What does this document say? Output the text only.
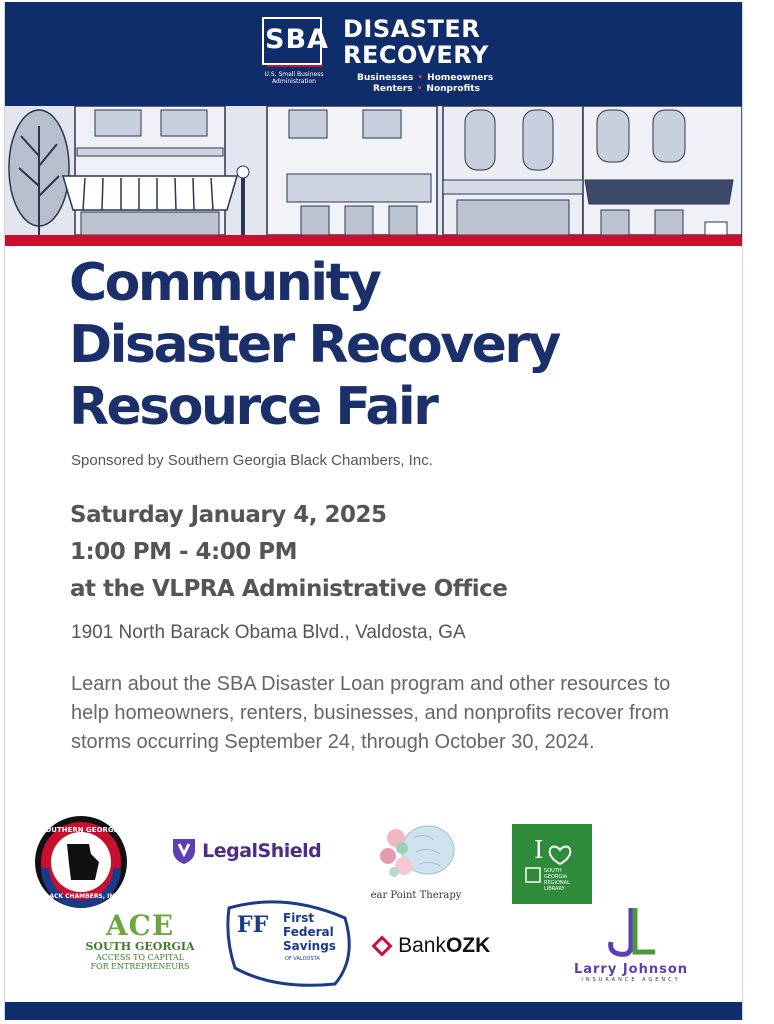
SBA
U.S. Small Business Administration
DISASTER
RECOVERY
Businesses • Homeowners
Renters • Nonprofits
Community
Disaster Recovery
Resource Fair
Sponsored by Southern Georgia Black Chambers, Inc.
Saturday January 4, 2025
1:00 PM - 4:00 PM
at the VLPRA Administrative Office
1901 North Barack Obama Blvd., Valdosta, GA

Learn about the SBA Disaster Loan program and other resources to help homeowners, renters, businesses, and nonprofits recover from storms occurring September 24, through October 30, 2024.

SOUTHERN GEORGIA
BLACK CHAMBERS, INC.
LegalShield
ear Point Therapy
I
SOUTH
GEORGIA
REGIONAL
LIBRARY
ACE
SOUTH GEORGIA
ACCESS TO CAPITAL
FOR ENTREPRENEURS
FF First
Federal
Savings
OF VALDOSTA
BankOZK
Larry Johnson
INSURANCE AGENCY
